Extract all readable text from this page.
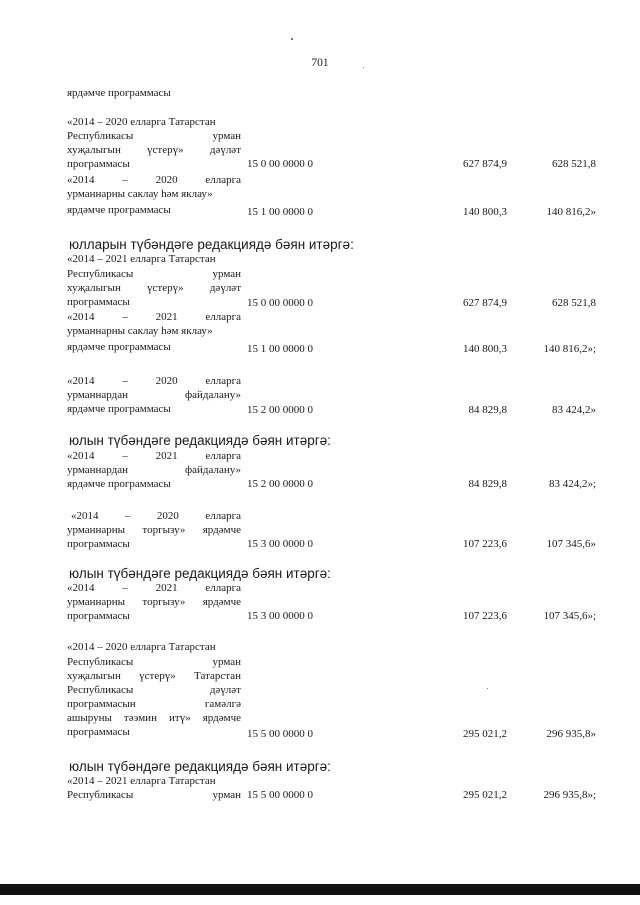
701
ярдәмче программасы
«2014 – 2020 елларга Татарстан
Республикасы урман
хуҗалыгын үстерү» дәүләт
программасы	15 0 00 0000 0	627 874,9	628 521,8
«2014 – 2020 елларга
урманнарны саклау һәм яклау»
ярдәмче программасы	15 1 00 0000 0	140 800,3	140 816,2»
юлларын түбәндәге редакциядә бәян итәргә:
«2014 – 2021 елларга Татарстан
Республикасы урман
хуҗалыгын үстерү» дәүләт
программасы	15 0 00 0000 0	627 874,9	628 521,8
«2014 – 2021 елларга
урманнарны саклау һәм яклау»
ярдәмче программасы	15 1 00 0000 0	140 800,3	140 816,2»;
«2014 – 2020 елларга
урманнардан файдалану»
ярдәмче программасы	15 2 00 0000 0	84 829,8	83 424,2»
юлын түбәндәге редакциядә бәян итәргә:
«2014 – 2021 елларга
урманнардан файдалану»
ярдәмче программасы	15 2 00 0000 0	84 829,8	83 424,2»;
«2014 – 2020 елларга
урманнарны торгызу» ярдәмче
программасы	15 3 00 0000 0	107 223,6	107 345,6»
юлын түбәндәге редакциядә бәян итәргә:
«2014 – 2021 елларга
урманнарны торгызу» ярдәмче
программасы	15 3 00 0000 0	107 223,6	107 345,6»;
«2014 – 2020 елларга Татарстан
Республикасы урман
хуҗалыгын үстерү» Татарстан
Республикасы дәүләт
программасын гамәлгә
ашыруны тәэмин итү» ярдәмче
программасы	15 5 00 0000 0	295 021,2	296 935,8»
юлын түбәндәге редакциядә бәян итәргә:
«2014 – 2021 елларга Татарстан
Республикасы урман 15 5 00 0000 0	295 021,2	296 935,8»;
